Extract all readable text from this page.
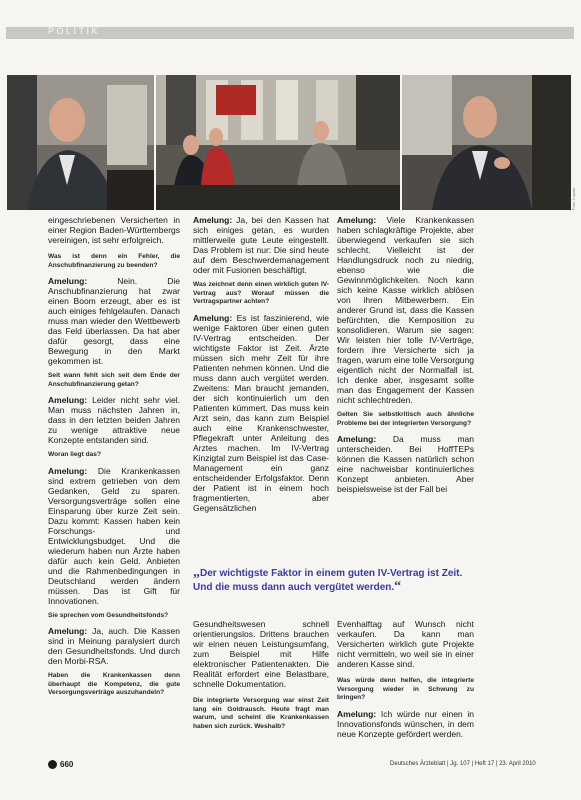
POLITIK
Foto: Lopata

eingeschriebenen Versicherten in einer Region Baden-Württembergs vereinigen, ist sehr erfolgreich.

Was ist denn ein Fehler, die Anschubfinanzierung zu beenden?

Amelung:	Nein. Die Anschubfinanzierung hat zwar einen Boom erzeugt, aber es ist auch einiges fehlgelaufen. Danach muss man wieder den Wettbewerb das Feld überlassen. Da hat aber dafür gesorgt, dass eine Bewegung in den Markt gekommen ist.

Seit wann fehlt sich seit dem Ende der Anschubfinanzierung getan?

Amelung: Leider nicht sehr viel. Man muss nächsten Jahren in, dass in den letzten beiden Jahren zu wenige attraktive neue Konzepte entstanden sind.

Woran liegt das?

Amelung: Die Krankenkassen sind extrem getrieben von dem Gedanken, Geld zu sparen. Versorgungsverträge sollen eine Einsparung über kurze Zeit sein. Dazu kommt: Kassen haben kein Forschungs- und Entwicklungsbudget. Und die wiederum haben nun Ärzte haben dafür auch kein Geld. Anbieten und die Rahmenbedingungen in Deutschland werden ändern müssen. Das ist Gift für Innovationen.

Sie sprechen vom Gesundheitsfonds?

Amelung: Ja, auch. Die Kassen sind in Meinung paralysiert durch den Gesundheitsfonds. Und durch den Morbi-RSA.

Haben die Krankenkassen denn überhaupt die Kompetenz, die gute Versorgungsverträge auszuhandeln?

Amelung: Ja, bei den Kassen hat sich einiges getan, es wurden mittlerweile gute Leute eingestellt. Das Problem ist nur: Die sind heute auf dem Beschwerdemanagement oder mit Fusionen beschäftigt.

Was zeichnet denn einen wirklich guten IV-Vertrag aus? Worauf müssen die Vertragspartner achten?

Amelung: Es ist faszinierend, wie wenige Faktoren über einen guten IV-Vertrag entscheiden. Der wichtigste Faktor ist Zeit. Ärzte müssen sich mehr Zeit für ihre Patienten nehmen können. Und die muss dann auch vergütet werden. Zweitens: Man braucht jemanden, der sich kontinuierlich um den Patienten kümmert. Das muss kein Arzt sein, das kann zum Beispiel auch eine Krankenschwester, Pflegekraft unter Anleitung des Arztes machen. Im IV-Vertrag Kinzigtal zum Beispiel ist das Case-Management ein ganz entscheidender Erfolgsfaktor. Denn der Patient ist in einem hoch fragmentierten, aber Gegensätzlichen

Amelung: Viele Krankenkassen haben schlagkräftige Projekte, aber überwiegend verkaufen sie sich schlecht. Vielleicht ist der Handlungsdruck noch zu niedrig, ebenso wie die Gewinnmöglichkeiten. Noch kann sich keine Kasse wirklich ablösen von ihren Mitbewerbern. Ein anderer Grund ist, dass die Kassen befürchten, die Kernposition zu konsolidieren. Warum sie sagen: Wir leisten hier tolle IV-Verträge, fordern ihre Versicherte sich ja fragen, warum eine tolle Versorgung eigentlich nicht der Normalfall ist. Ich denke aber, insgesamt sollte man das Engagement der Kassen nicht schlechtreden.

Gelten Sie selbstkritisch auch ähnliche Probleme bei der integrierten Versorgung?

Amelung: Da muss man unterscheiden. Bei HoffTEPs können die Kassen natürlich schon eine nachweisbar kontinuierliches Konzept anbieten. Aber beispielsweise ist der Fall bei

„Der wichtigste Faktor in einem guten IV-Vertrag ist Zeit. Und die muss dann auch vergütet werden.“

Gesundheitswesen schnell orientierungslos. Drittens brauchen wir einen neuen Leistungsumfang, zum Beispiel mit Hilfe elektronischer Patientenakten. Die Realität erfordert eine Belastbare, schnelle Dokumentation.

Die integrierte Versorgung war einst Zeit lang ein Goldrausch. Heute fragt man warum, und scheint die Krankenkassen haben sich zurück. Weshalb?

Evenhalftag auf Wunsch nicht verkaufen. Da kann man Versicherten wirklich gute Projekte nicht vermitteln, wo weil sie in einer anderen Kasse sind.

Was würde denn helfen, die integrierte Versorgung wieder in Schwung zu bringen?

Amelung: Ich würde nur einen in Innovationsfonds wünschen, in dem neue Konzepte gefördert werden.

660	Deutsches Ärzteblatt | Jg. 107 | Heft 17 | 23. April 2010
